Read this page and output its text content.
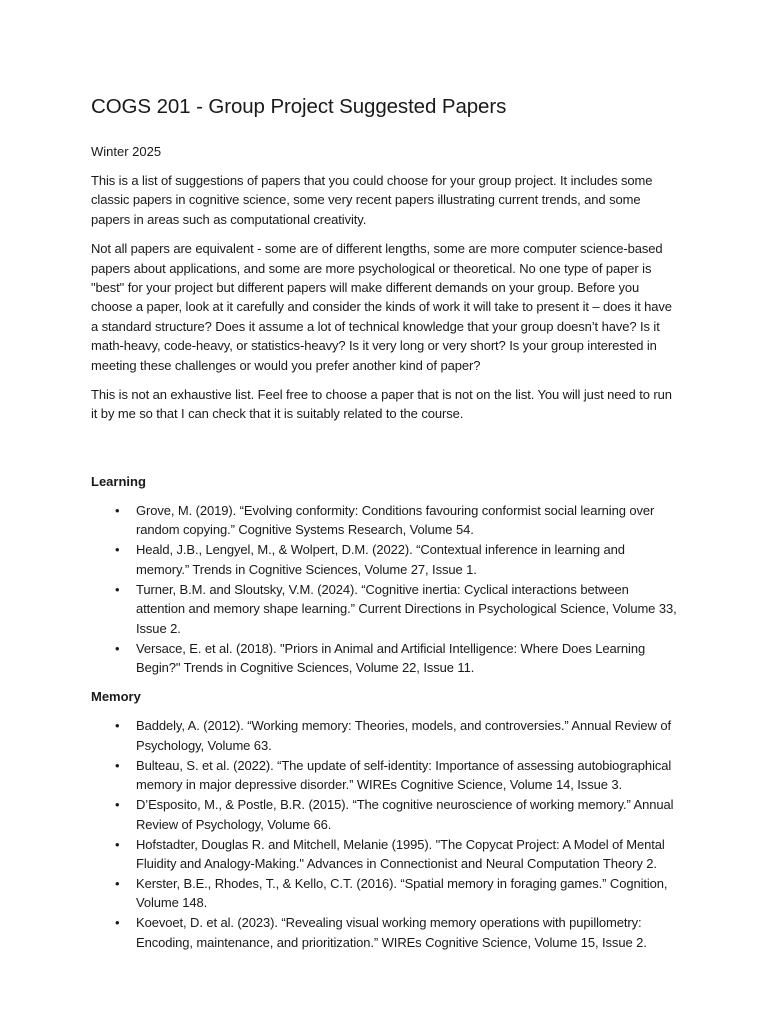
COGS 201 - Group Project Suggested Papers

Winter 2025

This is a list of suggestions of papers that you could choose for your group project. It includes some classic papers in cognitive science, some very recent papers illustrating current trends, and some papers in areas such as computational creativity.

Not all papers are equivalent - some are of different lengths, some are more computer science-based papers about applications, and some are more psychological or theoretical. No one type of paper is "best" for your project but different papers will make different demands on your group. Before you choose a paper, look at it carefully and consider the kinds of work it will take to present it – does it have a standard structure? Does it assume a lot of technical knowledge that your group doesn’t have? Is it math-heavy, code-heavy, or statistics-heavy? Is it very long or very short? Is your group interested in meeting these challenges or would you prefer another kind of paper?

This is not an exhaustive list. Feel free to choose a paper that is not on the list. You will just need to run it by me so that I can check that it is suitably related to the course.

Learning
• Grove, M. (2019). “Evolving conformity: Conditions favouring conformist social learning over random copying.” Cognitive Systems Research, Volume 54.
• Heald, J.B., Lengyel, M., & Wolpert, D.M. (2022). “Contextual inference in learning and memory.” Trends in Cognitive Sciences, Volume 27, Issue 1.
• Turner, B.M. and Sloutsky, V.M. (2024). “Cognitive inertia: Cyclical interactions between attention and memory shape learning.” Current Directions in Psychological Science, Volume 33, Issue 2.
• Versace, E. et al. (2018). "Priors in Animal and Artificial Intelligence: Where Does Learning Begin?" Trends in Cognitive Sciences, Volume 22, Issue 11.
Memory
• Baddely, A. (2012). “Working memory: Theories, models, and controversies.” Annual Review of Psychology, Volume 63.
• Bulteau, S. et al. (2022). “The update of self-identity: Importance of assessing autobiographical memory in major depressive disorder.” WIREs Cognitive Science, Volume 14, Issue 3.
• D’Esposito, M., & Postle, B.R. (2015). “The cognitive neuroscience of working memory.” Annual Review of Psychology, Volume 66.
• Hofstadter, Douglas R. and Mitchell, Melanie (1995). "The Copycat Project: A Model of Mental Fluidity and Analogy-Making." Advances in Connectionist and Neural Computation Theory 2.
• Kerster, B.E., Rhodes, T., & Kello, C.T. (2016). “Spatial memory in foraging games.” Cognition, Volume 148.
• Koevoet, D. et al. (2023). “Revealing visual working memory operations with pupillometry: Encoding, maintenance, and prioritization.” WIREs Cognitive Science, Volume 15, Issue 2.
